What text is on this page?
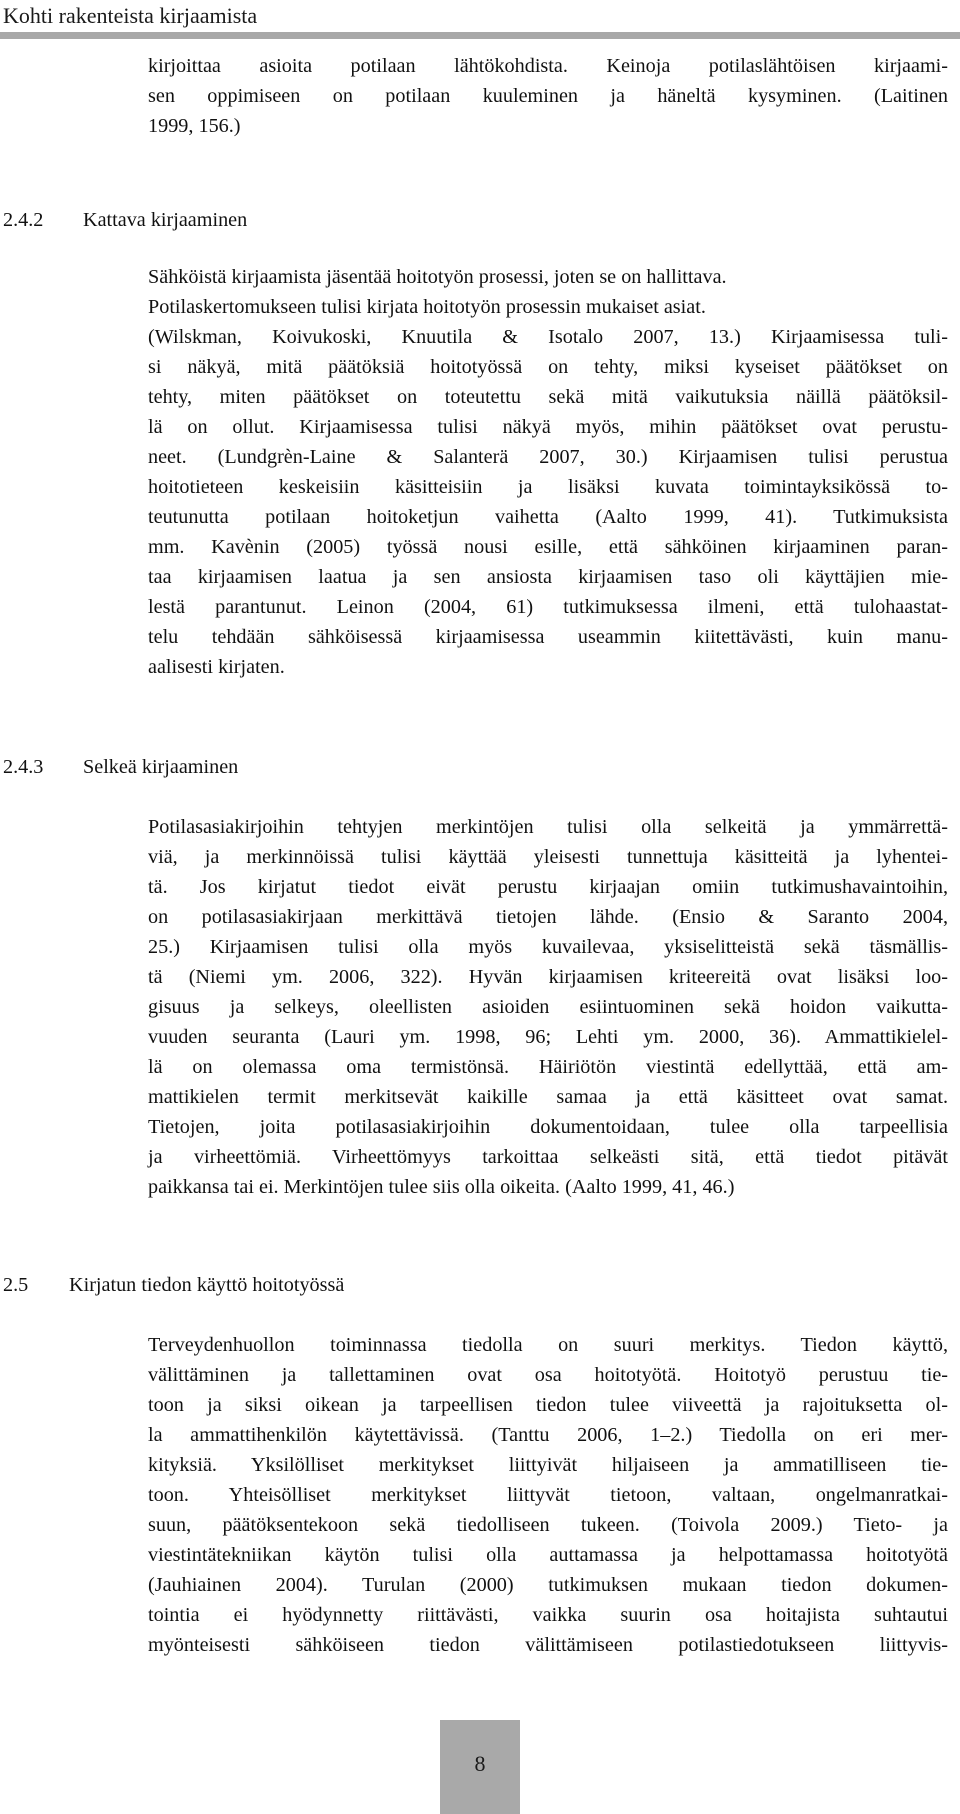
Kohti rakenteista kirjaamista
kirjoittaa asioita potilaan lähtökohdista. Keinoja potilaslähtöisen kirjaami-
sen oppimiseen on potilaan kuuleminen ja häneltä kysyminen. (Laitinen
1999, 156.)
2.4.2 Kattava kirjaaminen
Sähköistä kirjaamista jäsentää hoitotyön prosessi, joten se on hallittava.
Potilaskertomukseen tulisi kirjata hoitotyön prosessin mukaiset asiat.
(Wilskman, Koivukoski, Knuutila & Isotalo 2007, 13.) Kirjaamisessa tuli-
si näkyä, mitä päätöksiä hoitotyössä on tehty, miksi kyseiset päätökset on
tehty, miten päätökset on toteutettu sekä mitä vaikutuksia näillä päätöksil-
lä on ollut. Kirjaamisessa tulisi näkyä myös, mihin päätökset ovat perustu-
neet. (Lundgrèn-Laine & Salanterä 2007, 30.) Kirjaamisen tulisi perustua
hoitotieteen keskeisiin käsitteisiin ja lisäksi kuvata toimintayksikössä to-
teutunutta potilaan hoitoketjun vaihetta (Aalto 1999, 41). Tutkimuksista
mm. Kavènin (2005) työssä nousi esille, että sähköinen kirjaaminen paran-
taa kirjaamisen laatua ja sen ansiosta kirjaamisen taso oli käyttäjien mie-
lestä parantunut. Leinon (2004, 61) tutkimuksessa ilmeni, että tulohaastat-
telu tehdään sähköisessä kirjaamisessa useammin kiitettävästi, kuin manu-
aalisesti kirjaten.
2.4.3 Selkeä kirjaaminen
Potilasasiakirjoihin tehtyjen merkintöjen tulisi olla selkeitä ja ymmärrettä-
viä, ja merkinnöissä tulisi käyttää yleisesti tunnettuja käsitteitä ja lyhentei-
tä. Jos kirjatut tiedot eivät perustu kirjaajan omiin tutkimushavaintoihin,
on potilasasiakirjaan merkittävä tietojen lähde. (Ensio & Saranto 2004,
25.) Kirjaamisen tulisi olla myös kuvailevaa, yksiselitteistä sekä täsmällis-
tä (Niemi ym. 2006, 322). Hyvän kirjaamisen kriteereitä ovat lisäksi loo-
gisuus ja selkeys, oleellisten asioiden esiintuominen sekä hoidon vaikutta-
vuuden seuranta (Lauri ym. 1998, 96; Lehti ym. 2000, 36). Ammattikielel-
lä on olemassa oma termistönsä. Häiriötön viestintä edellyttää, että am-
mattikielen termit merkitsevät kaikille samaa ja että käsitteet ovat samat.
Tietojen, joita potilasasiakirjoihin dokumentoidaan, tulee olla tarpeellisia
ja virheettömiä. Virheettömyys tarkoittaa selkeästi sitä, että tiedot pitävät
paikkansa tai ei. Merkintöjen tulee siis olla oikeita. (Aalto 1999, 41, 46.)
2.5 Kirjatun tiedon käyttö hoitotyössä
Terveydenhuollon toiminnassa tiedolla on suuri merkitys. Tiedon käyttö,
välittäminen ja tallettaminen ovat osa hoitotyötä. Hoitotyö perustuu tie-
toon ja siksi oikean ja tarpeellisen tiedon tulee viiveettä ja rajoituksetta ol-
la ammattihenkilön käytettävissä. (Tanttu 2006, 1–2.) Tiedolla on eri mer-
kityksiä. Yksilölliset merkitykset liittyivät hiljaiseen ja ammatilliseen tie-
toon. Yhteisölliset merkitykset liittyvät tietoon, valtaan, ongelmanratkai-
suun, päätöksentekoon sekä tiedolliseen tukeen. (Toivola 2009.) Tieto- ja
viestintätekniikan käytön tulisi olla auttamassa ja helpottamassa hoitotyötä
(Jauhiainen 2004). Turulan (2000) tutkimuksen mukaan tiedon dokumen-
tointia ei hyödynnetty riittävästi, vaikka suurin osa hoitajista suhtautui
myönteisesti sähköiseen tiedon välittämiseen potilastiedotukseen liittyvis-
8
